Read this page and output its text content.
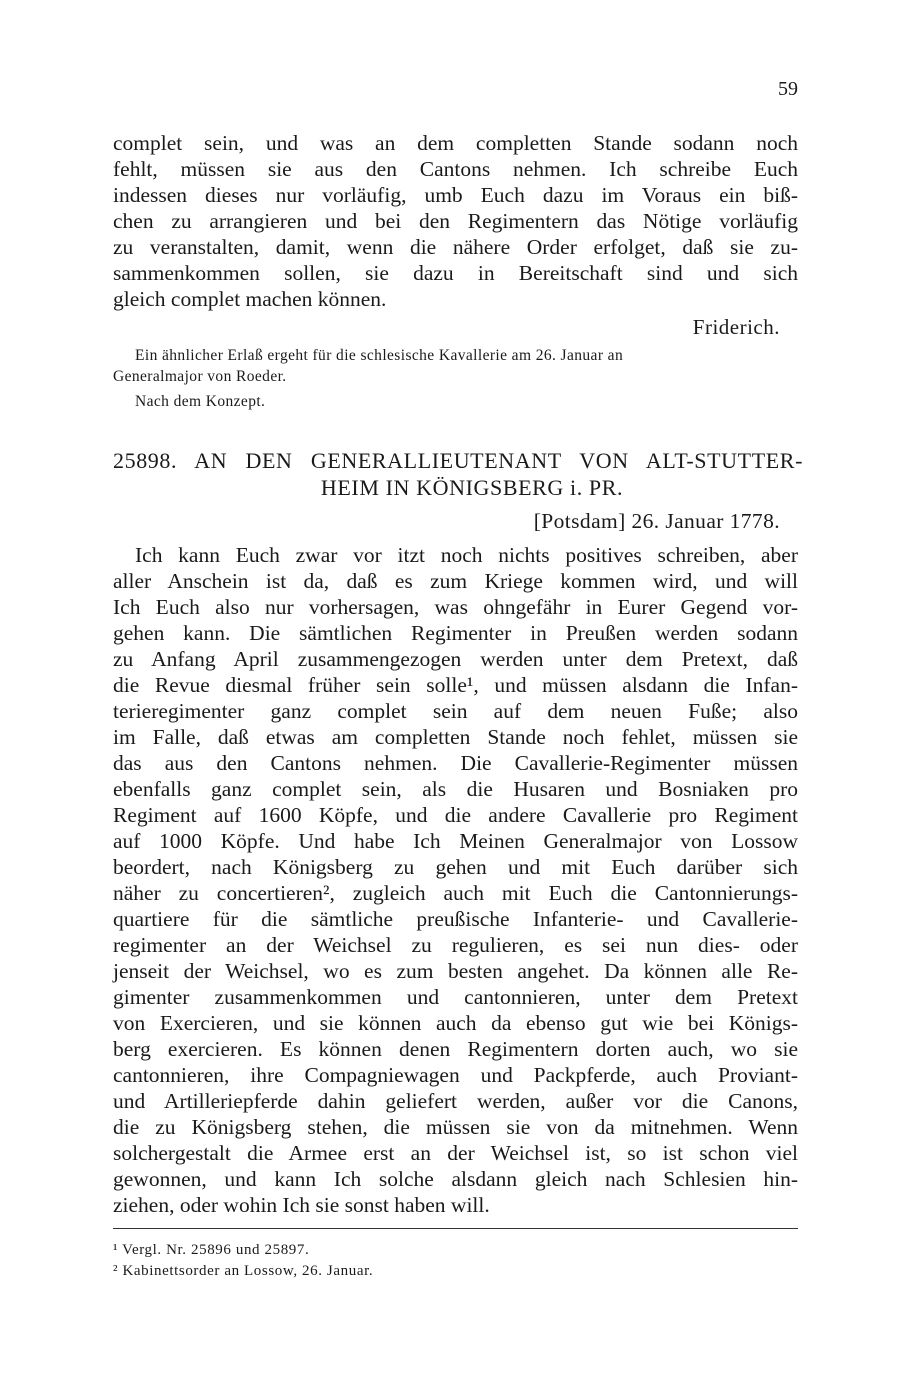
59
complet sein, und was an dem completten Stande sodann noch
fehlt, müssen sie aus den Cantons nehmen. Ich schreibe Euch
indessen dieses nur vorläufig, umb Euch dazu im Voraus ein biß-
chen zu arrangieren und bei den Regimentern das Nötige vorläufig
zu veranstalten, damit, wenn die nähere Order erfolget, daß sie zu-
sammenkommen sollen, sie dazu in Bereitschaft sind und sich
gleich complet machen können.
Friderich.
Ein ähnlicher Erlaß ergeht für die schlesische Kavallerie am 26. Januar an
Generalmajor von Roeder.
Nach dem Konzept.
25898. AN DEN GENERALLIEUTENANT VON ALT-STUTTER-
HEIM IN KÖNIGSBERG i. PR.
[Potsdam] 26. Januar 1778.
Ich kann Euch zwar vor itzt noch nichts positives schreiben, aber
aller Anschein ist da, daß es zum Kriege kommen wird, und will
Ich Euch also nur vorhersagen, was ohngefähr in Eurer Gegend vor-
gehen kann. Die sämtlichen Regimenter in Preußen werden sodann
zu Anfang April zusammengezogen werden unter dem Pretext, daß
die Revue diesmal früher sein solle¹, und müssen alsdann die Infan-
terieregimenter ganz complet sein auf dem neuen Fuße; also
im Falle, daß etwas am completten Stande noch fehlet, müssen sie
das aus den Cantons nehmen. Die Cavallerie-Regimenter müssen
ebenfalls ganz complet sein, als die Husaren und Bosniaken pro
Regiment auf 1600 Köpfe, und die andere Cavallerie pro Regiment
auf 1000 Köpfe. Und habe Ich Meinen Generalmajor von Lossow
beordert, nach Königsberg zu gehen und mit Euch darüber sich
näher zu concertieren², zugleich auch mit Euch die Cantonnierungs-
quartiere für die sämtliche preußische Infanterie- und Cavallerie-
regimenter an der Weichsel zu regulieren, es sei nun dies- oder
jenseit der Weichsel, wo es zum besten angehet. Da können alle Re-
gimenter zusammenkommen und cantonnieren, unter dem Pretext
von Exercieren, und sie können auch da ebenso gut wie bei Königs-
berg exercieren. Es können denen Regimentern dorten auch, wo sie
cantonnieren, ihre Compagniewagen und Packpferde, auch Proviant-
und Artilleriepferde dahin geliefert werden, außer vor die Canons,
die zu Königsberg stehen, die müssen sie von da mitnehmen. Wenn
solchergestalt die Armee erst an der Weichsel ist, so ist schon viel
gewonnen, und kann Ich solche alsdann gleich nach Schlesien hin-
ziehen, oder wohin Ich sie sonst haben will.
¹ Vergl. Nr. 25896 und 25897.
² Kabinettsorder an Lossow, 26. Januar.
